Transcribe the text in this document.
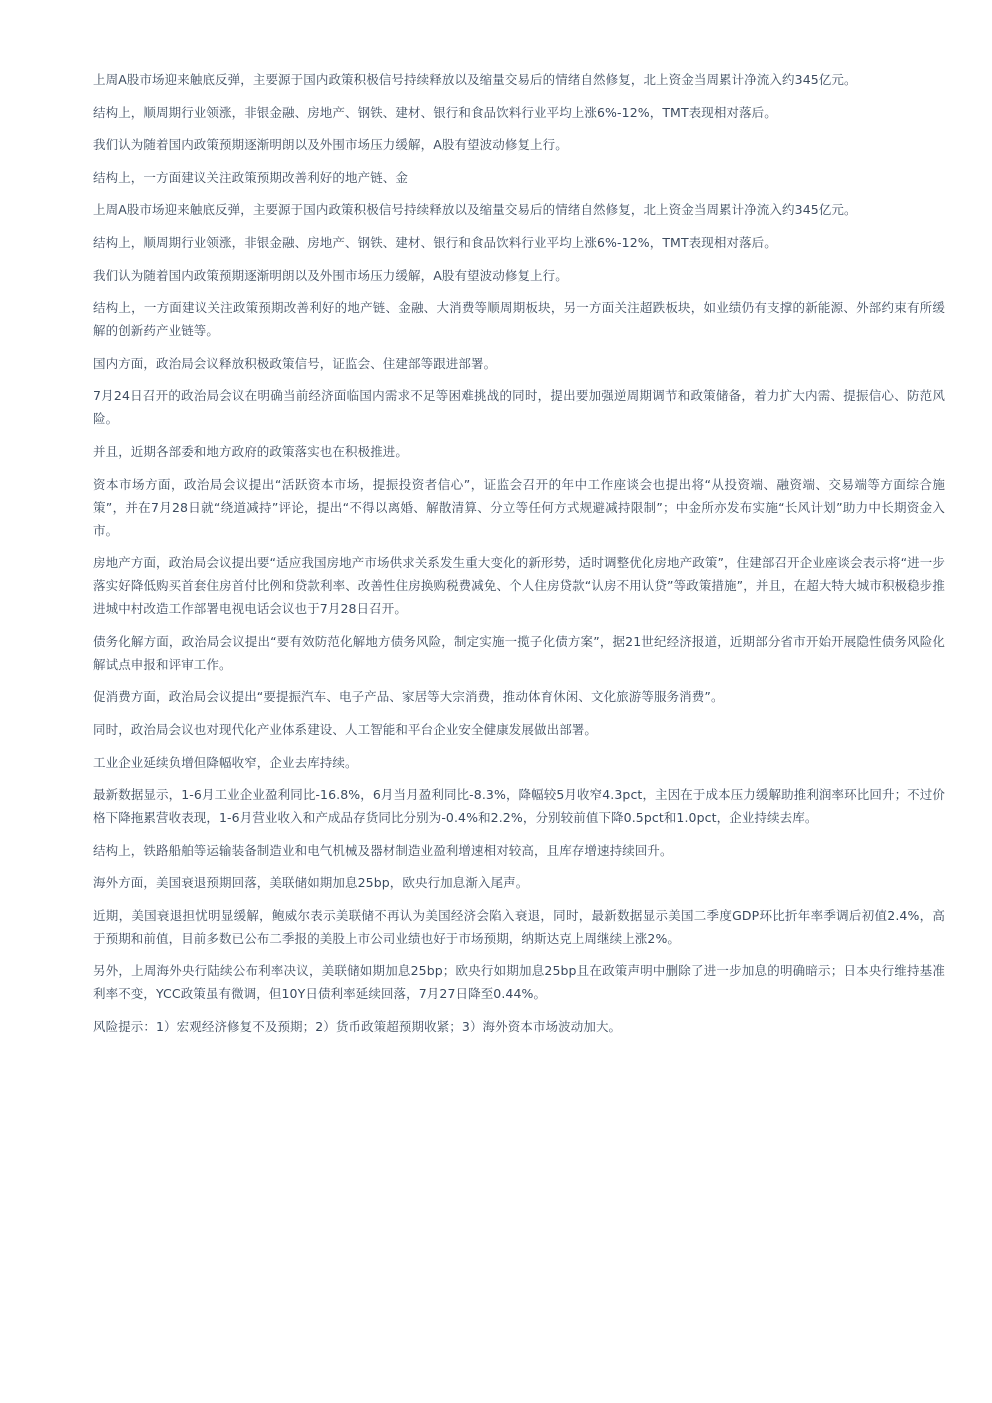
上周A股市场迎来触底反弹，主要源于国内政策积极信号持续释放以及缩量交易后的情绪自然修复，北上资金当周累计净流入约345亿元。

结构上，顺周期行业领涨，非银金融、房地产、钢铁、建材、银行和食品饮料行业平均上涨6%-12%，TMT表现相对落后。

我们认为随着国内政策预期逐渐明朗以及外围市场压力缓解，A股有望波动修复上行。

结构上，一方面建议关注政策预期改善利好的地产链、金

上周A股市场迎来触底反弹，主要源于国内政策积极信号持续释放以及缩量交易后的情绪自然修复，北上资金当周累计净流入约345亿元。

结构上，顺周期行业领涨，非银金融、房地产、钢铁、建材、银行和食品饮料行业平均上涨6%-12%，TMT表现相对落后。

我们认为随着国内政策预期逐渐明朗以及外围市场压力缓解，A股有望波动修复上行。

结构上，一方面建议关注政策预期改善利好的地产链、金融、大消费等顺周期板块，另一方面关注超跌板块，如业绩仍有支撑的新能源、外部约束有所缓解的创新药产业链等。

国内方面，政治局会议释放积极政策信号，证监会、住建部等跟进部署。

7月24日召开的政治局会议在明确当前经济面临国内需求不足等困难挑战的同时，提出要加强逆周期调节和政策储备，着力扩大内需、提振信心、防范风险。

并且，近期各部委和地方政府的政策落实也在积极推进。

资本市场方面，政治局会议提出“活跃资本市场，提振投资者信心”，证监会召开的年中工作座谈会也提出将“从投资端、融资端、交易端等方面综合施策”，并在7月28日就“绕道减持”评论，提出“不得以离婚、解散清算、分立等任何方式规避减持限制”；中金所亦发布实施“长风计划”助力中长期资金入市。

房地产方面，政治局会议提出要“适应我国房地产市场供求关系发生重大变化的新形势，适时调整优化房地产政策”，住建部召开企业座谈会表示将“进一步落实好降低购买首套住房首付比例和贷款利率、改善性住房换购税费减免、个人住房贷款“认房不用认贷”等政策措施”，并且，在超大特大城市积极稳步推进城中村改造工作部署电视电话会议也于7月28日召开。

债务化解方面，政治局会议提出“要有效防范化解地方债务风险，制定实施一揽子化债方案”，据21世纪经济报道，近期部分省市开始开展隐性债务风险化解试点申报和评审工作。

促消费方面，政治局会议提出“要提振汽车、电子产品、家居等大宗消费，推动体育休闲、文化旅游等服务消费”。

同时，政治局会议也对现代化产业体系建设、人工智能和平台企业安全健康发展做出部署。

工业企业延续负增但降幅收窄，企业去库持续。

最新数据显示，1-6月工业企业盈利同比-16.8%，6月当月盈利同比-8.3%，降幅较5月收窄4.3pct，主因在于成本压力缓解助推利润率环比回升；不过价格下降拖累营收表现，1-6月营业收入和产成品存货同比分别为-0.4%和2.2%，分别较前值下降0.5pct和1.0pct，企业持续去库。

结构上，铁路船舶等运输装备制造业和电气机械及器材制造业盈利增速相对较高，且库存增速持续回升。

海外方面，美国衰退预期回落，美联储如期加息25bp，欧央行加息渐入尾声。

近期，美国衰退担忧明显缓解，鲍威尔表示美联储不再认为美国经济会陷入衰退，同时，最新数据显示美国二季度GDP环比折年率季调后初值2.4%，高于预期和前值，目前多数已公布二季报的美股上市公司业绩也好于市场预期，纳斯达克上周继续上涨2%。

另外，上周海外央行陆续公布利率决议，美联储如期加息25bp；欧央行如期加息25bp且在政策声明中删除了进一步加息的明确暗示；日本央行维持基准利率不变，YCC政策虽有微调，但10Y日债利率延续回落，7月27日降至0.44%。

风险提示：1）宏观经济修复不及预期；2）货币政策超预期收紧；3）海外资本市场波动加大。
